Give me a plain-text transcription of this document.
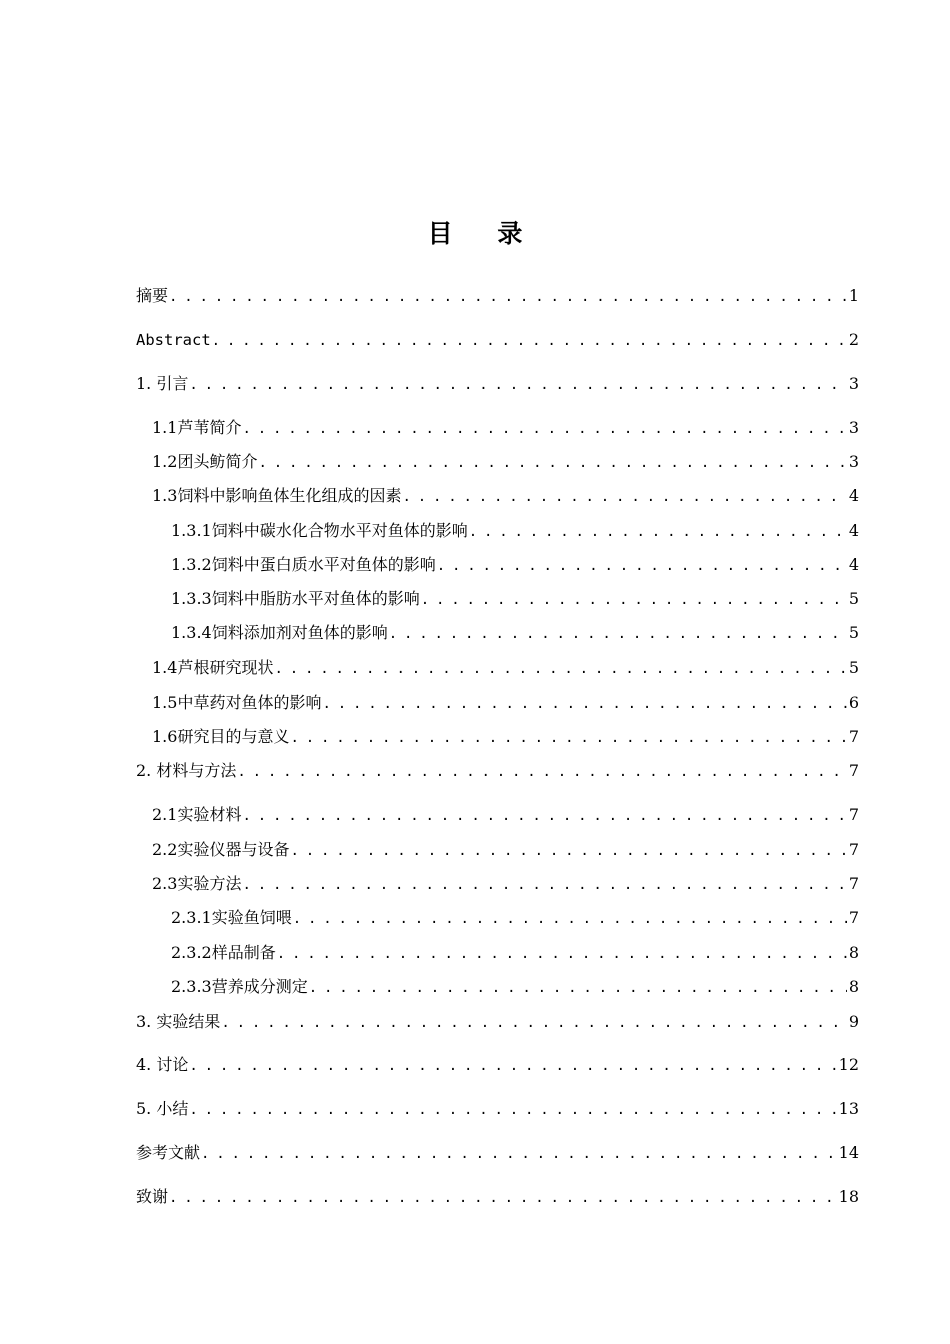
目 录
摘要 . . .	1
Abstract . . .	2
1. 引言 . . .	3
1.1芦苇简介 . . .	3
1.2团头鲂简介 . . .	3
1.3饲料中影响鱼体生化组成的因素 . . .	4
1.3.1饲料中碳水化合物水平对鱼体的影响 . . .	4
1.3.2饲料中蛋白质水平对鱼体的影响 . . .	4
1.3.3饲料中脂肪水平对鱼体的影响 . . .	5
1.3.4饲料添加剂对鱼体的影响 . . .	5
1.4芦根研究现状 . . .	5
1.5中草药对鱼体的影响 . . .	6
1.6研究目的与意义 . . .	7
2. 材料与方法 . . .	7
2.1实验材料 . . .	7
2.2实验仪器与设备 . . .	7
2.3实验方法 . . .	7
2.3.1实验鱼饲喂 . . .	7
2.3.2样品制备 . . .	8
2.3.3营养成分测定 . . .	8
3. 实验结果 . . .	9
4. 讨论 . . .	12
5. 小结 . . .	13
参考文献 . . .	14
致谢 . . .	18
